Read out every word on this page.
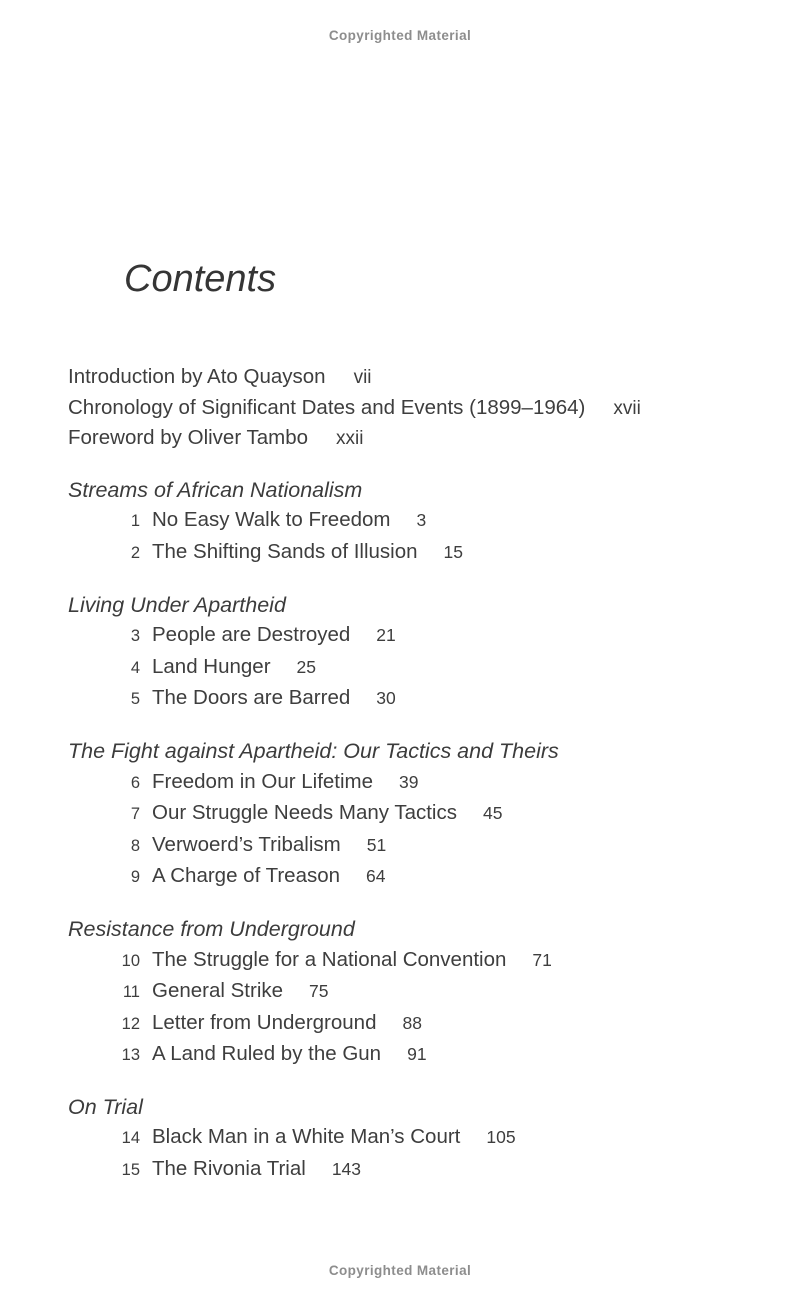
Copyrighted Material
Contents
Introduction by Ato Quayson vii
Chronology of Significant Dates and Events (1899–1964) xvii
Foreword by Oliver Tambo xxii
Streams of African Nationalism
1 No Easy Walk to Freedom 3
2 The Shifting Sands of Illusion 15
Living Under Apartheid
3 People are Destroyed 21
4 Land Hunger 25
5 The Doors are Barred 30
The Fight against Apartheid: Our Tactics and Theirs
6 Freedom in Our Lifetime 39
7 Our Struggle Needs Many Tactics 45
8 Verwoerd’s Tribalism 51
9 A Charge of Treason 64
Resistance from Underground
10 The Struggle for a National Convention 71
11 General Strike 75
12 Letter from Underground 88
13 A Land Ruled by the Gun 91
On Trial
14 Black Man in a White Man’s Court 105
15 The Rivonia Trial 143
Copyrighted Material
